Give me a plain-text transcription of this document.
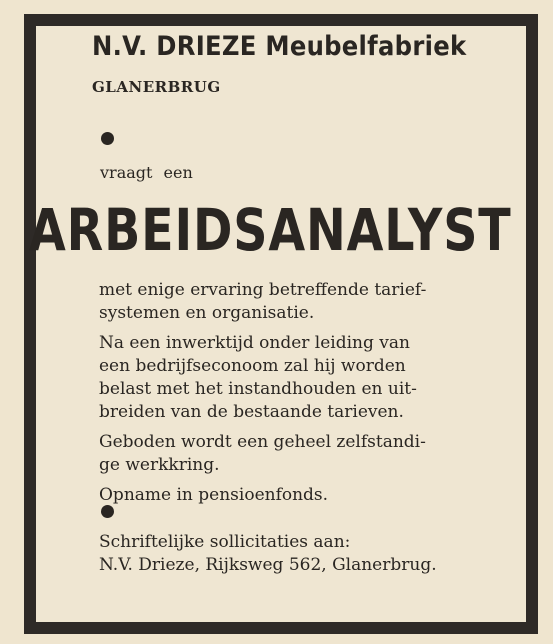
N.V. DRIEZE Meubelfabriek
GLANERBRUG
vraagt een
ARBEIDSANALYST

met enige ervaring betreffende tarief-
systemen en organisatie.

Na een inwerktijd onder leiding van
een bedrijfseconoom zal hij worden
belast met het instandhouden en uit-
breiden van de bestaande tarieven.

Geboden wordt een geheel zelfstandi-
ge werkkring.

Opname in pensioenfonds.

Schriftelijke sollicitaties aan:

N.V. Drieze, Rijksweg 562, Glanerbrug.
